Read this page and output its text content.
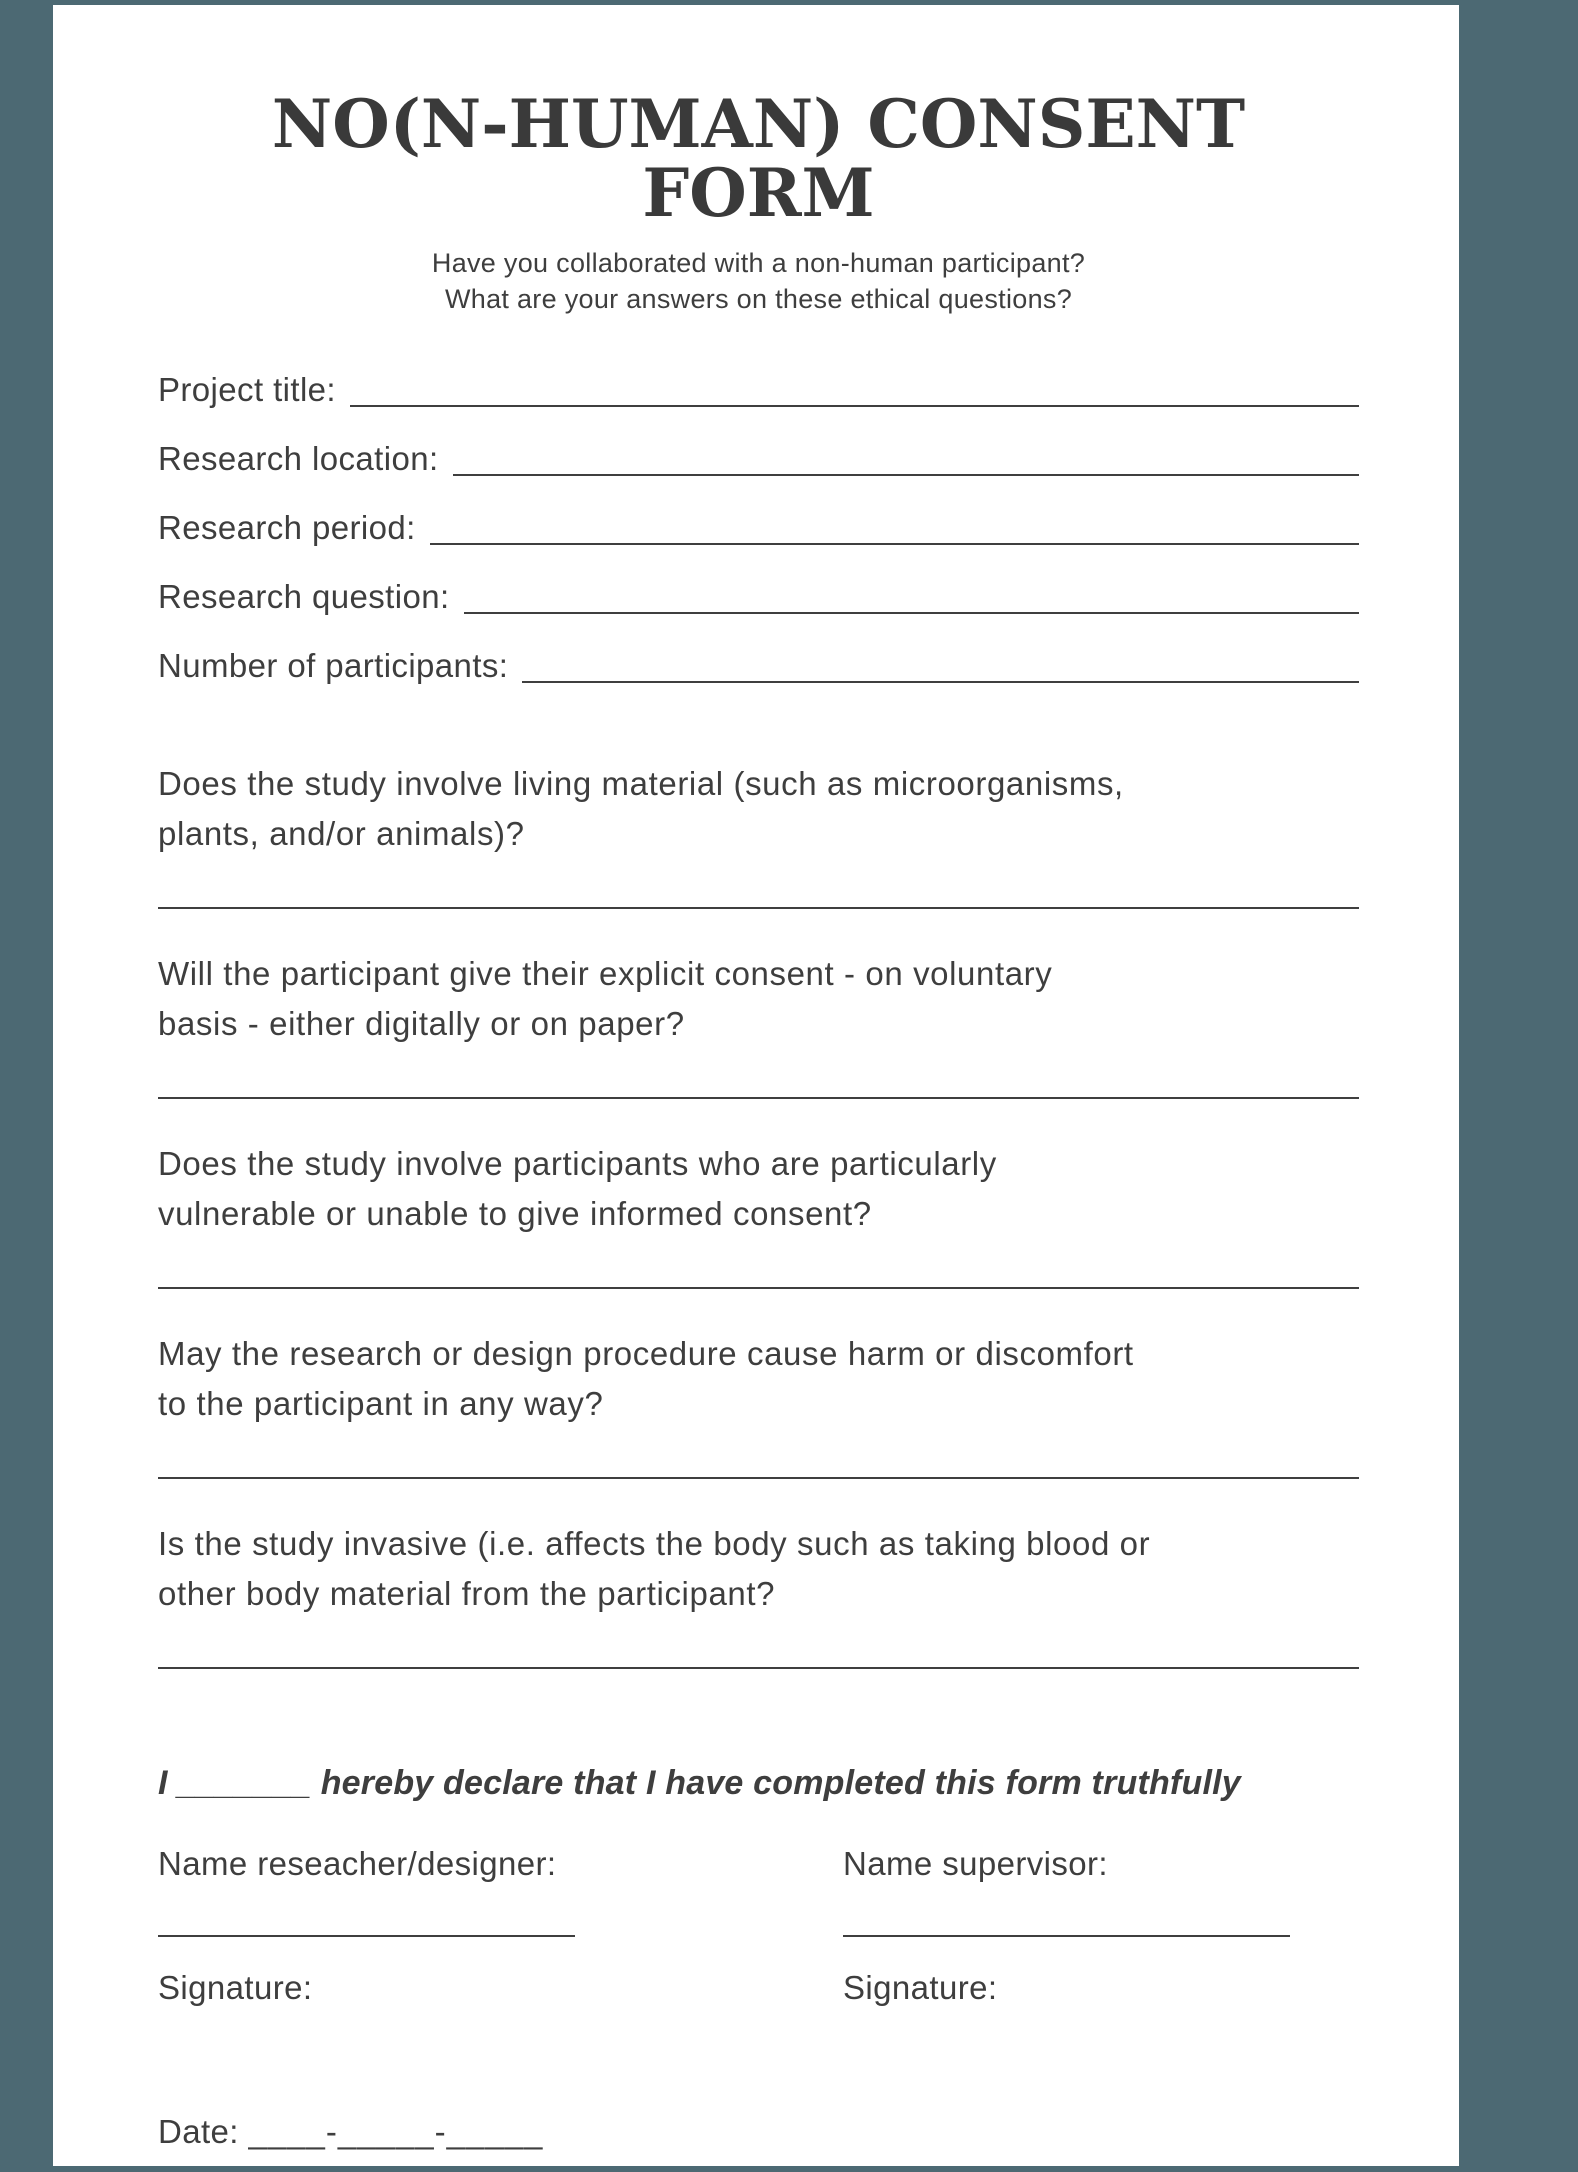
NO(N-HUMAN) CONSENT FORM

Have you collaborated with a non-human participant?
What are your answers on these ethical questions?

Project title:
Research location:
Research period:
Research question:
Number of participants:

Does the study involve living material (such as microorganisms,
plants, and/or animals)?

Will the participant give their explicit consent - on voluntary
basis - either digitally or on paper?

Does the study involve participants who are particularly
vulnerable or unable to give informed consent?

May the research or design procedure cause harm or discomfort
to the participant in any way?

Is the study invasive (i.e. affects the body such as taking blood or
other body material from the participant?

I _______ hereby declare that I have completed this form truthfully

Name reseacher/designer:

Signature:

Date: ____-_____-_____

Name supervisor:

Signature:
